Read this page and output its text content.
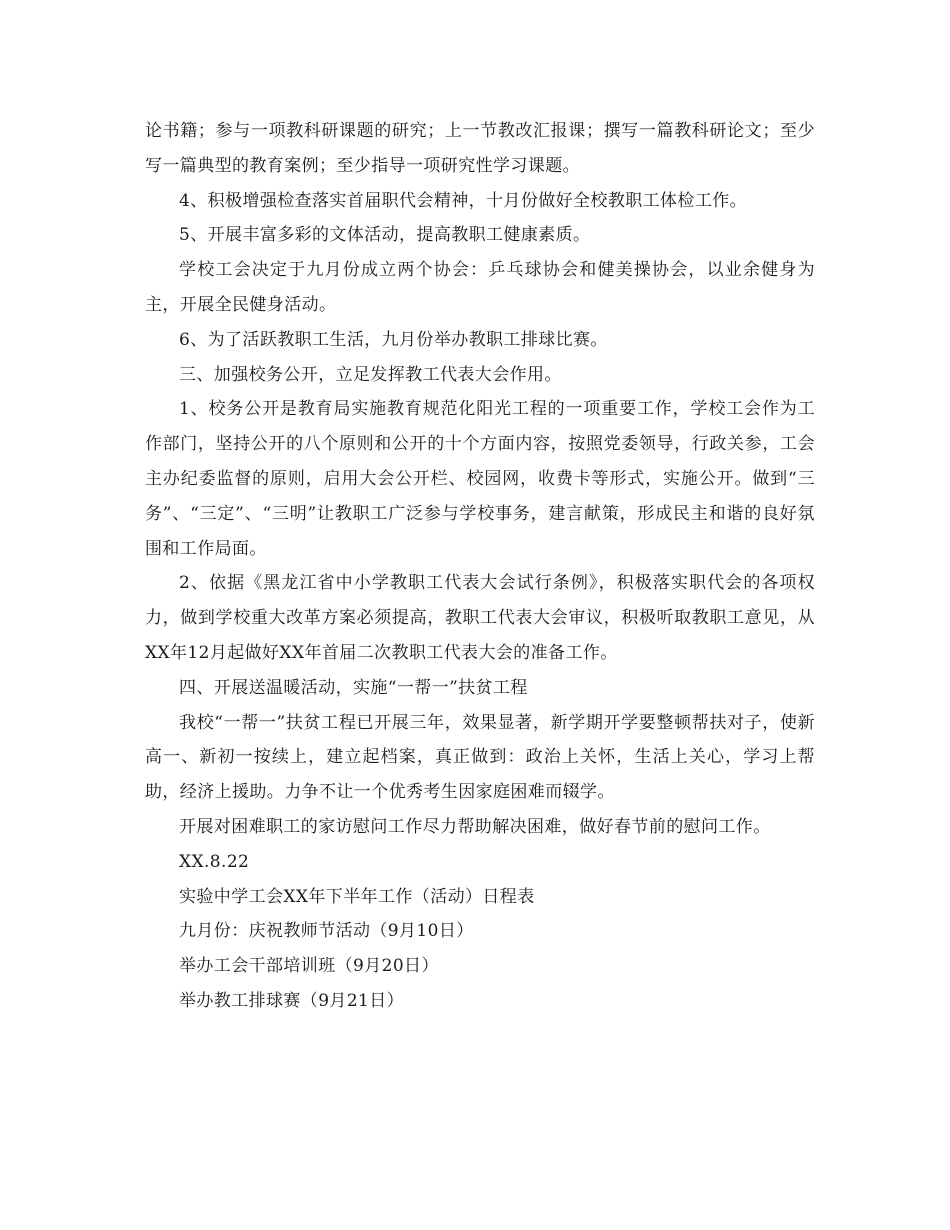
论书籍；参与一项教科研课题的研究；上一节教改汇报课；撰写一篇教科研论文；至少写一篇典型的教育案例；至少指导一项研究性学习课题。

4、积极增强检查落实首届职代会精神，十月份做好全校教职工体检工作。

5、开展丰富多彩的文体活动，提高教职工健康素质。

学校工会决定于九月份成立两个协会：乒乓球协会和健美操协会，以业余健身为主，开展全民健身活动。

6、为了活跃教职工生活，九月份举办教职工排球比赛。

三、加强校务公开，立足发挥教工代表大会作用。

1、校务公开是教育局实施教育规范化阳光工程的一项重要工作，学校工会作为工作部门，坚持公开的八个原则和公开的十个方面内容，按照党委领导，行政关参，工会主办纪委监督的原则，启用大会公开栏、校园网，收费卡等形式，实施公开。做到“三务”、“三定”、“三明”让教职工广泛参与学校事务，建言献策，形成民主和谐的良好氛围和工作局面。

2、依据《黑龙江省中小学教职工代表大会试行条例》，积极落实职代会的各项权力，做到学校重大改革方案必须提高，教职工代表大会审议，积极听取教职工意见，从XX年12月起做好XX年首届二次教职工代表大会的准备工作。

四、开展送温暖活动，实施“一帮一”扶贫工程

我校“一帮一”扶贫工程已开展三年，效果显著，新学期开学要整顿帮扶对子，使新高一、新初一按续上，建立起档案，真正做到：政治上关怀，生活上关心，学习上帮助，经济上援助。力争不让一个优秀考生因家庭困难而辍学。

开展对困难职工的家访慰问工作尽力帮助解决困难，做好春节前的慰问工作。

XX.8.22

实验中学工会XX年下半年工作（活动）日程表

九月份：庆祝教师节活动（9月10日）

举办工会干部培训班（9月20日）

举办教工排球赛（9月21日）
